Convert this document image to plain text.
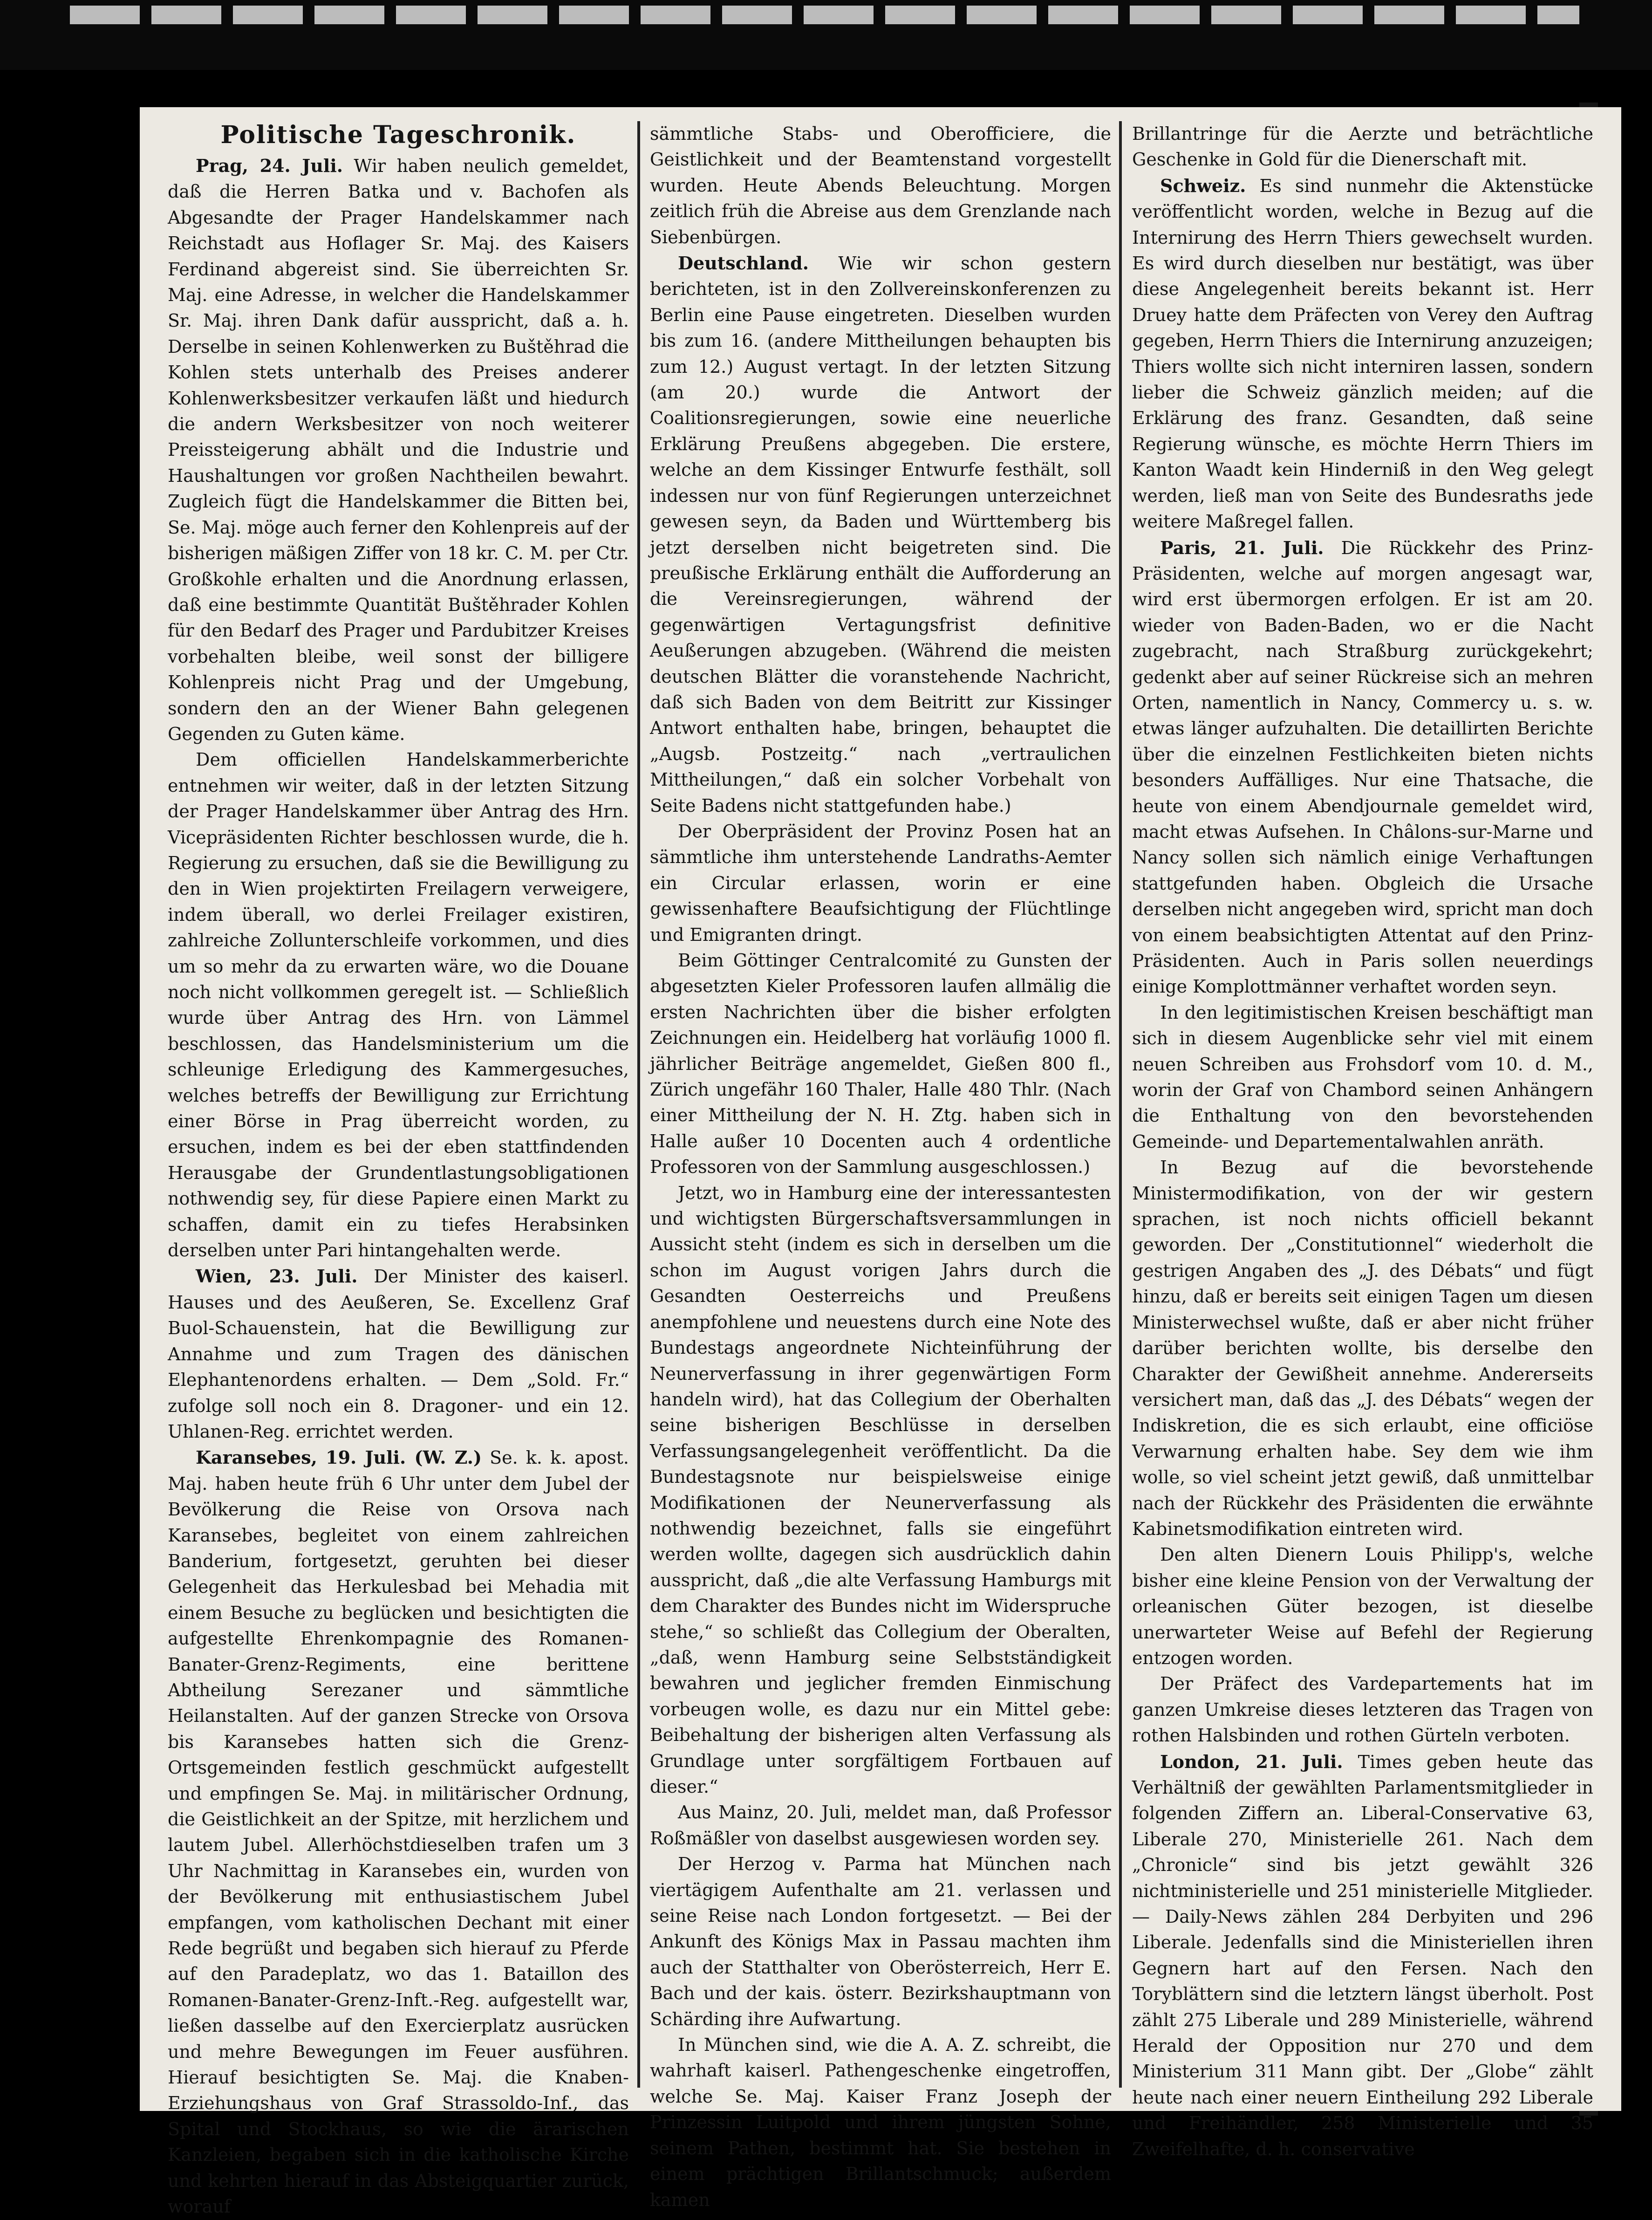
Politische Tageschronik.

Prag, 24. Juli. Wir haben neulich gemeldet, daß die Herren Batka und v. Bachofen als Abgesandte der Prager Handelskammer nach Reichstadt aus Hoflager Sr. Maj. des Kaisers Ferdinand abgereist sind. Sie überreichten Sr. Maj. eine Adresse, in welcher die Handelskammer Sr. Maj. ihren Dank dafür ausspricht, daß a. h. Derselbe in seinen Kohlenwerken zu Buštěhrad die Kohlen stets unterhalb des Preises anderer Kohlenwerksbesitzer verkaufen läßt und hiedurch die andern Werksbesitzer von noch weiterer Preissteigerung abhält und die Industrie und Haushaltungen vor großen Nachtheilen bewahrt. Zugleich fügt die Handelskammer die Bitten bei, Se. Maj. möge auch ferner den Kohlenpreis auf der bisherigen mäßigen Ziffer von 18 kr. C. M. per Ctr. Großkohle erhalten und die Anordnung erlassen, daß eine bestimmte Quantität Buštěhrader Kohlen für den Bedarf des Prager und Pardubitzer Kreises vorbehalten bleibe, weil sonst der billigere Kohlenpreis nicht Prag und der Umgebung, sondern den an der Wiener Bahn gelegenen Gegenden zu Guten käme.

Dem officiellen Handelskammerberichte entnehmen wir weiter, daß in der letzten Sitzung der Prager Handelskammer über Antrag des Hrn. Vicepräsidenten Richter beschlossen wurde, die h. Regierung zu ersuchen, daß sie die Bewilligung zu den in Wien projektirten Freilagern verweigere, indem überall, wo derlei Freilager existiren, zahlreiche Zollunterschleife vorkommen, und dies um so mehr da zu erwarten wäre, wo die Douane noch nicht vollkommen geregelt ist. — Schließlich wurde über Antrag des Hrn. von Lämmel beschlossen, das Handelsministerium um die schleunige Erledigung des Kammergesuches, welches betreffs der Bewilligung zur Errichtung einer Börse in Prag überreicht worden, zu ersuchen, indem es bei der eben stattfindenden Herausgabe der Grundentlastungsobligationen nothwendig sey, für diese Papiere einen Markt zu schaffen, damit ein zu tiefes Herabsinken derselben unter Pari hintangehalten werde.

Wien, 23. Juli. Der Minister des kaiserl. Hauses und des Aeußeren, Se. Excellenz Graf Buol-Schauenstein, hat die Bewilligung zur Annahme und zum Tragen des dänischen Elephantenordens erhalten. — Dem „Sold. Fr.“ zufolge soll noch ein 8. Dragoner- und ein 12. Uhlanen-Reg. errichtet werden.

Karansebes, 19. Juli. (W. Z.) Se. k. k. apost. Maj. haben heute früh 6 Uhr unter dem Jubel der Bevölkerung die Reise von Orsova nach Karansebes, begleitet von einem zahlreichen Banderium, fortgesetzt, geruhten bei dieser Gelegenheit das Herkulesbad bei Mehadia mit einem Besuche zu beglücken und besichtigten die aufgestellte Ehrenkompagnie des Romanen-Banater-Grenz-Regiments, eine berittene Abtheilung Serezaner und sämmtliche Heilanstalten. Auf der ganzen Strecke von Orsova bis Karansebes hatten sich die Grenz-Ortsgemeinden festlich geschmückt aufgestellt und empfingen Se. Maj. in militärischer Ordnung, die Geistlichkeit an der Spitze, mit herzlichem und lautem Jubel. Allerhöchstdieselben trafen um 3 Uhr Nachmittag in Karansebes ein, wurden von der Bevölkerung mit enthusiastischem Jubel empfangen, vom katholischen Dechant mit einer Rede begrüßt und begaben sich hierauf zu Pferde auf den Paradeplatz, wo das 1. Bataillon des Romanen-Banater-Grenz-Inft.-Reg. aufgestellt war, ließen dasselbe auf den Exercierplatz ausrücken und mehre Bewegungen im Feuer ausführen. Hierauf besichtigten Se. Maj. die Knaben-Erziehungshaus von Graf Strassoldo-Inf., das Spital und Stockhaus, so wie die ärarischen Kanzleien, begaben sich in die katholische Kirche und kehrten hierauf in das Absteigquartier zurück, worauf

sämmtliche Stabs- und Oberofficiere, die Geistlichkeit und der Beamtenstand vorgestellt wurden. Heute Abends Beleuchtung. Morgen zeitlich früh die Abreise aus dem Grenzlande nach Siebenbürgen.

Deutschland. Wie wir schon gestern berichteten, ist in den Zollvereinskonferenzen zu Berlin eine Pause eingetreten. Dieselben wurden bis zum 16. (andere Mittheilungen behaupten bis zum 12.) August vertagt. In der letzten Sitzung (am 20.) wurde die Antwort der Coalitionsregierungen, sowie eine neuerliche Erklärung Preußens abgegeben. Die erstere, welche an dem Kissinger Entwurfe festhält, soll indessen nur von fünf Regierungen unterzeichnet gewesen seyn, da Baden und Württemberg bis jetzt derselben nicht beigetreten sind. Die preußische Erklärung enthält die Aufforderung an die Vereinsregierungen, während der gegenwärtigen Vertagungsfrist definitive Aeußerungen abzugeben. (Während die meisten deutschen Blätter die voranstehende Nachricht, daß sich Baden von dem Beitritt zur Kissinger Antwort enthalten habe, bringen, behauptet die „Augsb. Postzeitg.“ nach „vertraulichen Mittheilungen,“ daß ein solcher Vorbehalt von Seite Badens nicht stattgefunden habe.)

Der Oberpräsident der Provinz Posen hat an sämmtliche ihm unterstehende Landraths-Aemter ein Circular erlassen, worin er eine gewissenhaftere Beaufsichtigung der Flüchtlinge und Emigranten dringt.

Beim Göttinger Centralcomité zu Gunsten der abgesetzten Kieler Professoren laufen allmälig die ersten Nachrichten über die bisher erfolgten Zeichnungen ein. Heidelberg hat vorläufig 1000 fl. jährlicher Beiträge angemeldet, Gießen 800 fl., Zürich ungefähr 160 Thaler, Halle 480 Thlr. (Nach einer Mittheilung der N. H. Ztg. haben sich in Halle außer 10 Docenten auch 4 ordentliche Professoren von der Sammlung ausgeschlossen.)

Jetzt, wo in Hamburg eine der interessantesten und wichtigsten Bürgerschaftsversammlungen in Aussicht steht (indem es sich in derselben um die schon im August vorigen Jahrs durch die Gesandten Oesterreichs und Preußens anempfohlene und neuestens durch eine Note des Bundestags angeordnete Nichteinführung der Neunerverfassung in ihrer gegenwärtigen Form handeln wird), hat das Collegium der Oberhalten seine bisherigen Beschlüsse in derselben Verfassungsangelegenheit veröffentlicht. Da die Bundestagsnote nur beispielsweise einige Modifikationen der Neunerverfassung als nothwendig bezeichnet, falls sie eingeführt werden wollte, dagegen sich ausdrücklich dahin ausspricht, daß „die alte Verfassung Hamburgs mit dem Charakter des Bundes nicht im Widerspruche stehe,“ so schließt das Collegium der Oberalten, „daß, wenn Hamburg seine Selbstständigkeit bewahren und jeglicher fremden Einmischung vorbeugen wolle, es dazu nur ein Mittel gebe: Beibehaltung der bisherigen alten Verfassung als Grundlage unter sorgfältigem Fortbauen auf dieser.“

Aus Mainz, 20. Juli, meldet man, daß Professor Roßmäßler von daselbst ausgewiesen worden sey.

Der Herzog v. Parma hat München nach viertägigem Aufenthalte am 21. verlassen und seine Reise nach London fortgesetzt. — Bei der Ankunft des Königs Max in Passau machten ihm auch der Statthalter von Oberösterreich, Herr E. Bach und der kais. österr. Bezirkshauptmann von Schärding ihre Aufwartung.

In München sind, wie die A. A. Z. schreibt, die wahrhaft kaiserl. Pathengeschenke eingetroffen, welche Se. Maj. Kaiser Franz Joseph der Prinzessin Luitpold und ihrem jüngsten Sohne, seinem Pathen, bestimmt hat. Sie bestehen in einem prächtigen Brillantschmuck; außerdem kamen

Brillantringe für die Aerzte und beträchtliche Geschenke in Gold für die Dienerschaft mit.

Schweiz. Es sind nunmehr die Aktenstücke veröffentlicht worden, welche in Bezug auf die Internirung des Herrn Thiers gewechselt wurden. Es wird durch dieselben nur bestätigt, was über diese Angelegenheit bereits bekannt ist. Herr Druey hatte dem Präfecten von Verey den Auftrag gegeben, Herrn Thiers die Internirung anzuzeigen; Thiers wollte sich nicht interniren lassen, sondern lieber die Schweiz gänzlich meiden; auf die Erklärung des franz. Gesandten, daß seine Regierung wünsche, es möchte Herrn Thiers im Kanton Waadt kein Hinderniß in den Weg gelegt werden, ließ man von Seite des Bundesraths jede weitere Maßregel fallen.

Paris, 21. Juli. Die Rückkehr des Prinz-Präsidenten, welche auf morgen angesagt war, wird erst übermorgen erfolgen. Er ist am 20. wieder von Baden-Baden, wo er die Nacht zugebracht, nach Straßburg zurückgekehrt; gedenkt aber auf seiner Rückreise sich an mehren Orten, namentlich in Nancy, Commercy u. s. w. etwas länger aufzuhalten. Die detaillirten Berichte über die einzelnen Festlichkeiten bieten nichts besonders Auffälliges. Nur eine Thatsache, die heute von einem Abendjournale gemeldet wird, macht etwas Aufsehen. In Châlons-sur-Marne und Nancy sollen sich nämlich einige Verhaftungen stattgefunden haben. Obgleich die Ursache derselben nicht angegeben wird, spricht man doch von einem beabsichtigten Attentat auf den Prinz-Präsidenten. Auch in Paris sollen neuerdings einige Komplottmänner verhaftet worden seyn.

In den legitimistischen Kreisen beschäftigt man sich in diesem Augenblicke sehr viel mit einem neuen Schreiben aus Frohsdorf vom 10. d. M., worin der Graf von Chambord seinen Anhängern die Enthaltung von den bevorstehenden Gemeinde- und Departementalwahlen anräth.

In Bezug auf die bevorstehende Ministermodifikation, von der wir gestern sprachen, ist noch nichts officiell bekannt geworden. Der „Constitutionnel“ wiederholt die gestrigen Angaben des „J. des Débats“ und fügt hinzu, daß er bereits seit einigen Tagen um diesen Ministerwechsel wußte, daß er aber nicht früher darüber berichten wollte, bis derselbe den Charakter der Gewißheit annehme. Andererseits versichert man, daß das „J. des Débats“ wegen der Indiskretion, die es sich erlaubt, eine officiöse Verwarnung erhalten habe. Sey dem wie ihm wolle, so viel scheint jetzt gewiß, daß unmittelbar nach der Rückkehr des Präsidenten die erwähnte Kabinetsmodifikation eintreten wird.

Den alten Dienern Louis Philipp's, welche bisher eine kleine Pension von der Verwaltung der orleanischen Güter bezogen, ist dieselbe unerwarteter Weise auf Befehl der Regierung entzogen worden.

Der Präfect des Vardepartements hat im ganzen Umkreise dieses letzteren das Tragen von rothen Halsbinden und rothen Gürteln verboten.

London, 21. Juli. Times geben heute das Verhältniß der gewählten Parlamentsmitglieder in folgenden Ziffern an. Liberal-Conservative 63, Liberale 270, Ministerielle 261. Nach dem „Chronicle“ sind bis jetzt gewählt 326 nichtministerielle und 251 ministerielle Mitglieder. — Daily-News zählen 284 Derbyiten und 296 Liberale. Jedenfalls sind die Ministeriellen ihren Gegnern hart auf den Fersen. Nach den Toryblättern sind die letztern längst überholt. Post zählt 275 Liberale und 289 Ministerielle, während Herald der Opposition nur 270 und dem Ministerium 311 Mann gibt. Der „Globe“ zählt heute nach einer neuern Eintheilung 292 Liberale und Freihändler, 258 Ministerielle und 35 Zweifelhafte, d. h. conservative
